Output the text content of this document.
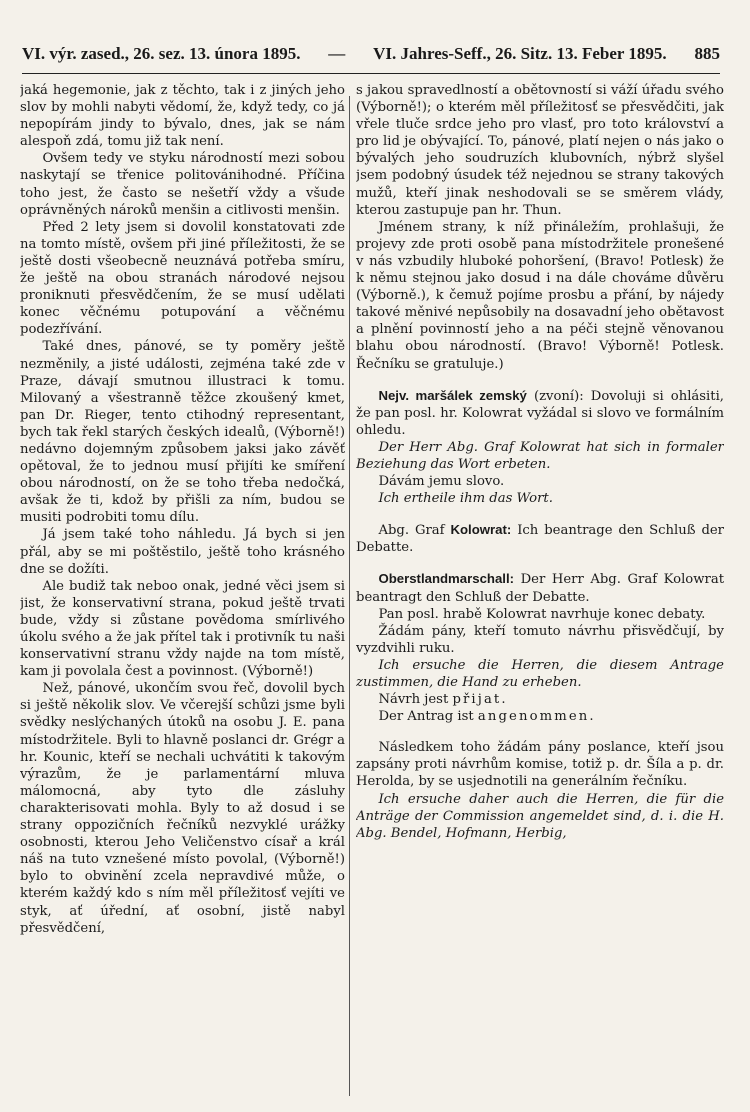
VI. výr. zased., 26. sez. 13. února 1895. — VI. Jahres-Seff., 26. Sitz. 13. Feber 1895. 885

jaká hegemonie, jak z těchto, tak i z jiných jeho slov by mohli nabyti vědomí, že, když tedy, co já nepopírám jindy to bývalo, dnes, jak se nám alespoň zdá, tomu již tak není.

Ovšem tedy ve styku národností mezi sobou naskytají se třenice politovánihodné. Příčina toho jest, že často se nešetří vždy a všude oprávněných nároků menšin a citlivosti menšin.

Před 2 lety jsem si dovolil konstatovati zde na tomto místě, ovšem při jiné příležitosti, že se ještě dosti všeobecně neuznává potřeba smíru, že ještě na obou stranách národové nejsou proniknuti přesvědčením, že se musí udělati konec věčnému potupování a věčnému podezřívání.

Také dnes, pánové, se ty poměry ještě nezměnily, a jisté události, zejména také zde v Praze, dávají smutnou illustraci k tomu. Milovaný a všestranně těžce zkoušený kmet, pan Dr. Rieger, tento ctihodný representant, bych tak řekl starých českých idealů, (Výborně!) nedávno dojemným způsobem jaksi jako závěť opětoval, že to jednou musí přijíti ke smíření obou národností, on že se toho třeba nedočká, avšak že ti, kdož by přišli za ním, budou se musiti podrobiti tomu dílu.

Já jsem také toho náhledu. Já bych si jen přál, aby se mi poštěstilo, ještě toho krásného dne se dožíti.

Ale budiž tak neboo onak, jedné věci jsem si jist, že konservativní strana, pokud ještě trvati bude, vždy si zůstane povědoma smírlivého úkolu svého a že jak přítel tak i protivník tu naši konservativní stranu vždy najde na tom místě, kam ji povolala čest a povinnost. (Výborně!)

Než, pánové, ukončím svou řeč, dovolil bych si ještě několik slov. Ve včerejší schůzi jsme byli svědky neslýchaných útoků na osobu J. E. pana místodržitele. Byli to hlavně poslanci dr. Grégr a hr. Kounic, kteří se nechali uchvátiti k takovým výrazům, že je parlamentární mluva málomocná, aby tyto dle zásluhy charakterisovati mohla. Byly to až dosud i se strany oppozičních řečníků nezvyklé urážky osobnosti, kterou Jeho Veličenstvo císař a král náš na tuto vznešené místo povolal, (Výborně!) bylo to obvinění zcela nepravdivé může, o kterém každý kdo s ním měl příležitosť vejíti ve styk, ať úřední, ať osobní, jistě nabyl přesvědčení,

s jakou spravedlností a obětovností si váží úřadu svého (Výborně!); o kterém měl příležitosť se přesvědčiti, jak vřele tluče srdce jeho pro vlasť, pro toto království a pro lid je obývající. To, pánové, platí nejen o nás jako o bývalých jeho soudruzích klubovních, nýbrž slyšel jsem podobný úsudek též nejednou se strany takových mužů, kteří jinak neshodovali se se směrem vlády, kterou zastupuje pan hr. Thun.

Jménem strany, k níž přináležím, prohlašuji, že projevy zde proti osobě pana místodržitele pronešené v nás vzbudily hluboké pohoršení, (Bravo! Potlesk) že k němu stejnou jako dosud i na dále chováme důvěru (Výborně.), k čemuž pojíme prosbu a přání, by nájedy takové měnivé nepůsobily na dosavadní jeho obětavost a plnění povinností jeho a na péči stejně věnovanou blahu obou národností. (Bravo! Výborně! Potlesk. Řečníku se gratuluje.)

Nejv. maršálek zemský (zvoní): Dovoluji si ohlásiti, že pan posl. hr. Kolowrat vyžádal si slovo ve formálním ohledu.

Der Herr Abg. Graf Kolowrat hat sich in formaler Beziehung das Wort erbeten.

Dávám jemu slovo.

Ich ertheile ihm das Wort.

Abg. Graf Kolowrat: Ich beantrage den Schluß der Debatte.

Oberstlandmarschall: Der Herr Abg. Graf Kolowrat beantragt den Schluß der Debatte.

Pan posl. hrabě Kolowrat navrhuje konec debaty.

Žádám pány, kteří tomuto návrhu přisvědčují, by vyzdvihli ruku.

Ich ersuche die Herren, die diesem Antrage zustimmen, die Hand zu erheben.

Návrh jest přijat.

Der Antrag ist angenommen.

Následkem toho žádám pány poslance, kteří jsou zapsány proti návrhům komise, totiž p. dr. Šíla a p. dr. Herolda, by se usjednotili na generálním řečníku.

Ich ersuche daher auch die Herren, die für die Anträge der Commission angemeldet sind, d. i. die H. Abg. Bendel, Hofmann, Herbig,
